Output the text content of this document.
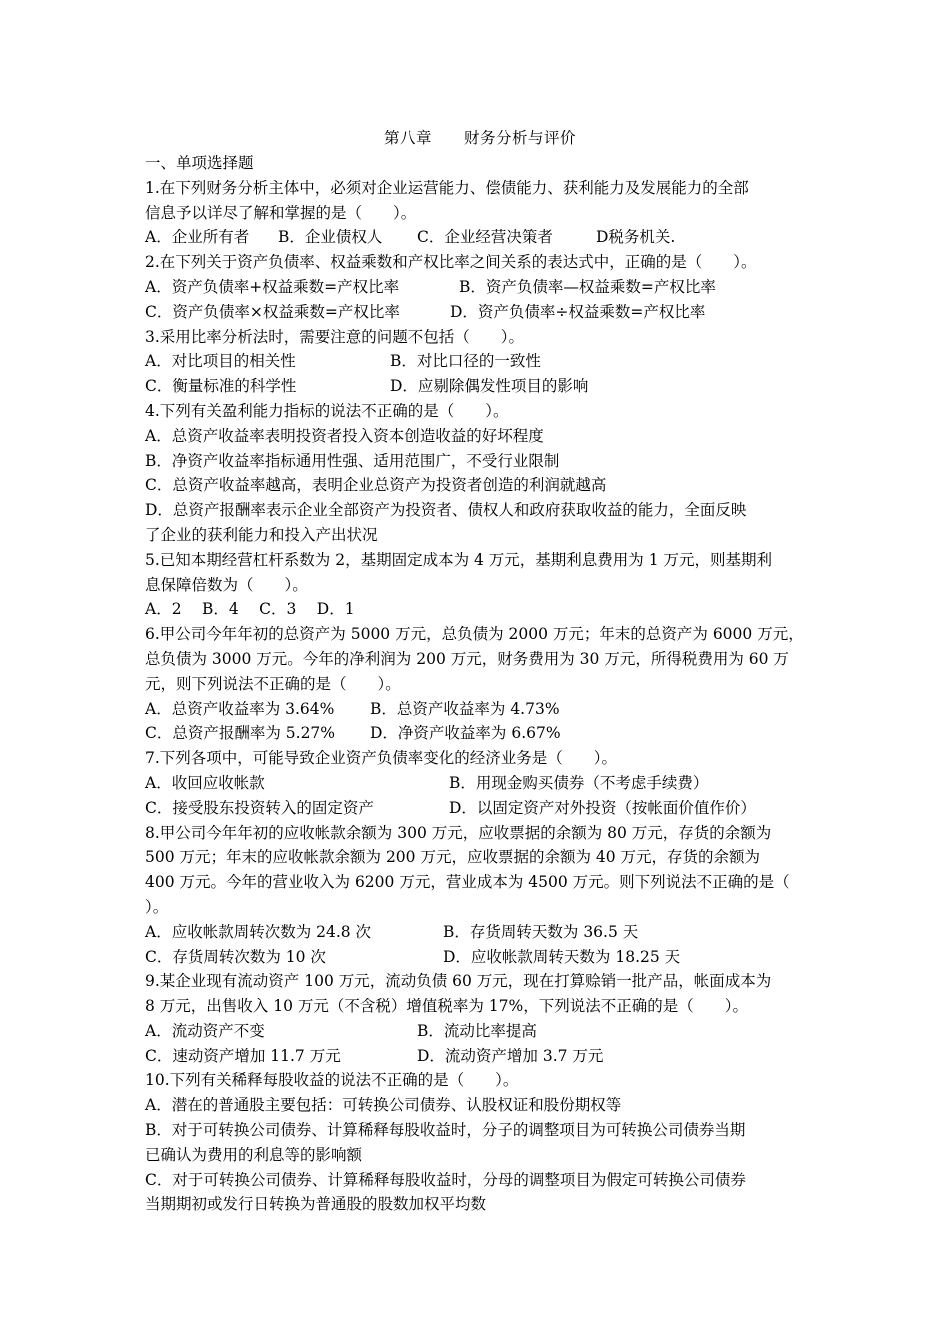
第八章　　财务分析与评价
一、单项选择题
1.在下列财务分析主体中，必须对企业运营能力、偿债能力、获利能力及发展能力的全部
信息予以详尽了解和掌握的是（　　）。
A．企业所有者 B．企业债权人 C．企业经营决策者	D税务机关.
2.在下列关于资产负债率、权益乘数和产权比率之间关系的表达式中，正确的是（　　）。
A．资产负债率+权益乘数=产权比率	B．资产负债率—权益乘数=产权比率
C．资产负债率×权益乘数=产权比率	D．资产负债率÷权益乘数=产权比率
3.采用比率分析法时，需要注意的问题不包括（　　）。
A．对比项目的相关性	B．对比口径的一致性
C．衡量标准的科学性	D．应剔除偶发性项目的影响
4.下列有关盈利能力指标的说法不正确的是（　　）。
A．总资产收益率表明投资者投入资本创造收益的好坏程度
B．净资产收益率指标通用性强、适用范围广，不受行业限制
C．总资产收益率越高，表明企业总资产为投资者创造的利润就越高
D．总资产报酬率表示企业全部资产为投资者、债权人和政府获取收益的能力，全面反映
了企业的获利能力和投入产出状况
5.已知本期经营杠杆系数为 2，基期固定成本为 4 万元，基期利息费用为 1 万元，则基期利
息保障倍数为（　　）。
A．2　 B．4　 C．3　 D．1
6.甲公司今年年初的总资产为 5000 万元，总负债为 2000 万元；年末的总资产为 6000 万元，
总负债为 3000 万元。今年的净利润为 200 万元，财务费用为 30 万元，所得税费用为 60 万
元，则下列说法不正确的是（　　）。
A．总资产收益率为 3.64% B．总资产收益率为 4.73%
C．总资产报酬率为 5.27% D．净资产收益率为 6.67%
7.下列各项中，可能导致企业资产负债率变化的经济业务是（　　）。
A．收回应收帐款	B．用现金购买债券（不考虑手续费）
C．接受股东投资转入的固定资产	D．以固定资产对外投资（按帐面价值作价）
8.甲公司今年年初的应收帐款余额为 300 万元，应收票据的余额为 80 万元，存货的余额为
500 万元；年末的应收帐款余额为 200 万元，应收票据的余额为 40 万元，存货的余额为
400 万元。今年的营业收入为 6200 万元，营业成本为 4500 万元。则下列说法不正确的是（
）。
A．应收帐款周转次数为 24.8 次	B．存货周转天数为 36.5 天
C．存货周转次数为 10 次	D．应收帐款周转天数为 18.25 天
9.某企业现有流动资产 100 万元，流动负债 60 万元，现在打算赊销一批产品，帐面成本为
8 万元，出售收入 10 万元（不含税）增值税率为 17%，下列说法不正确的是（　　）。
A．流动资产不变	B．流动比率提高
C．速动资产增加 11.7 万元	D．流动资产增加 3.7 万元
10.下列有关稀释每股收益的说法不正确的是（　　）。
A．潜在的普通股主要包括：可转换公司债券、认股权证和股份期权等
B．对于可转换公司债券、计算稀释每股收益时，分子的调整项目为可转换公司债券当期
已确认为费用的利息等的影响额
C．对于可转换公司债券、计算稀释每股收益时，分母的调整项目为假定可转换公司债券
当期期初或发行日转换为普通股的股数加权平均数
